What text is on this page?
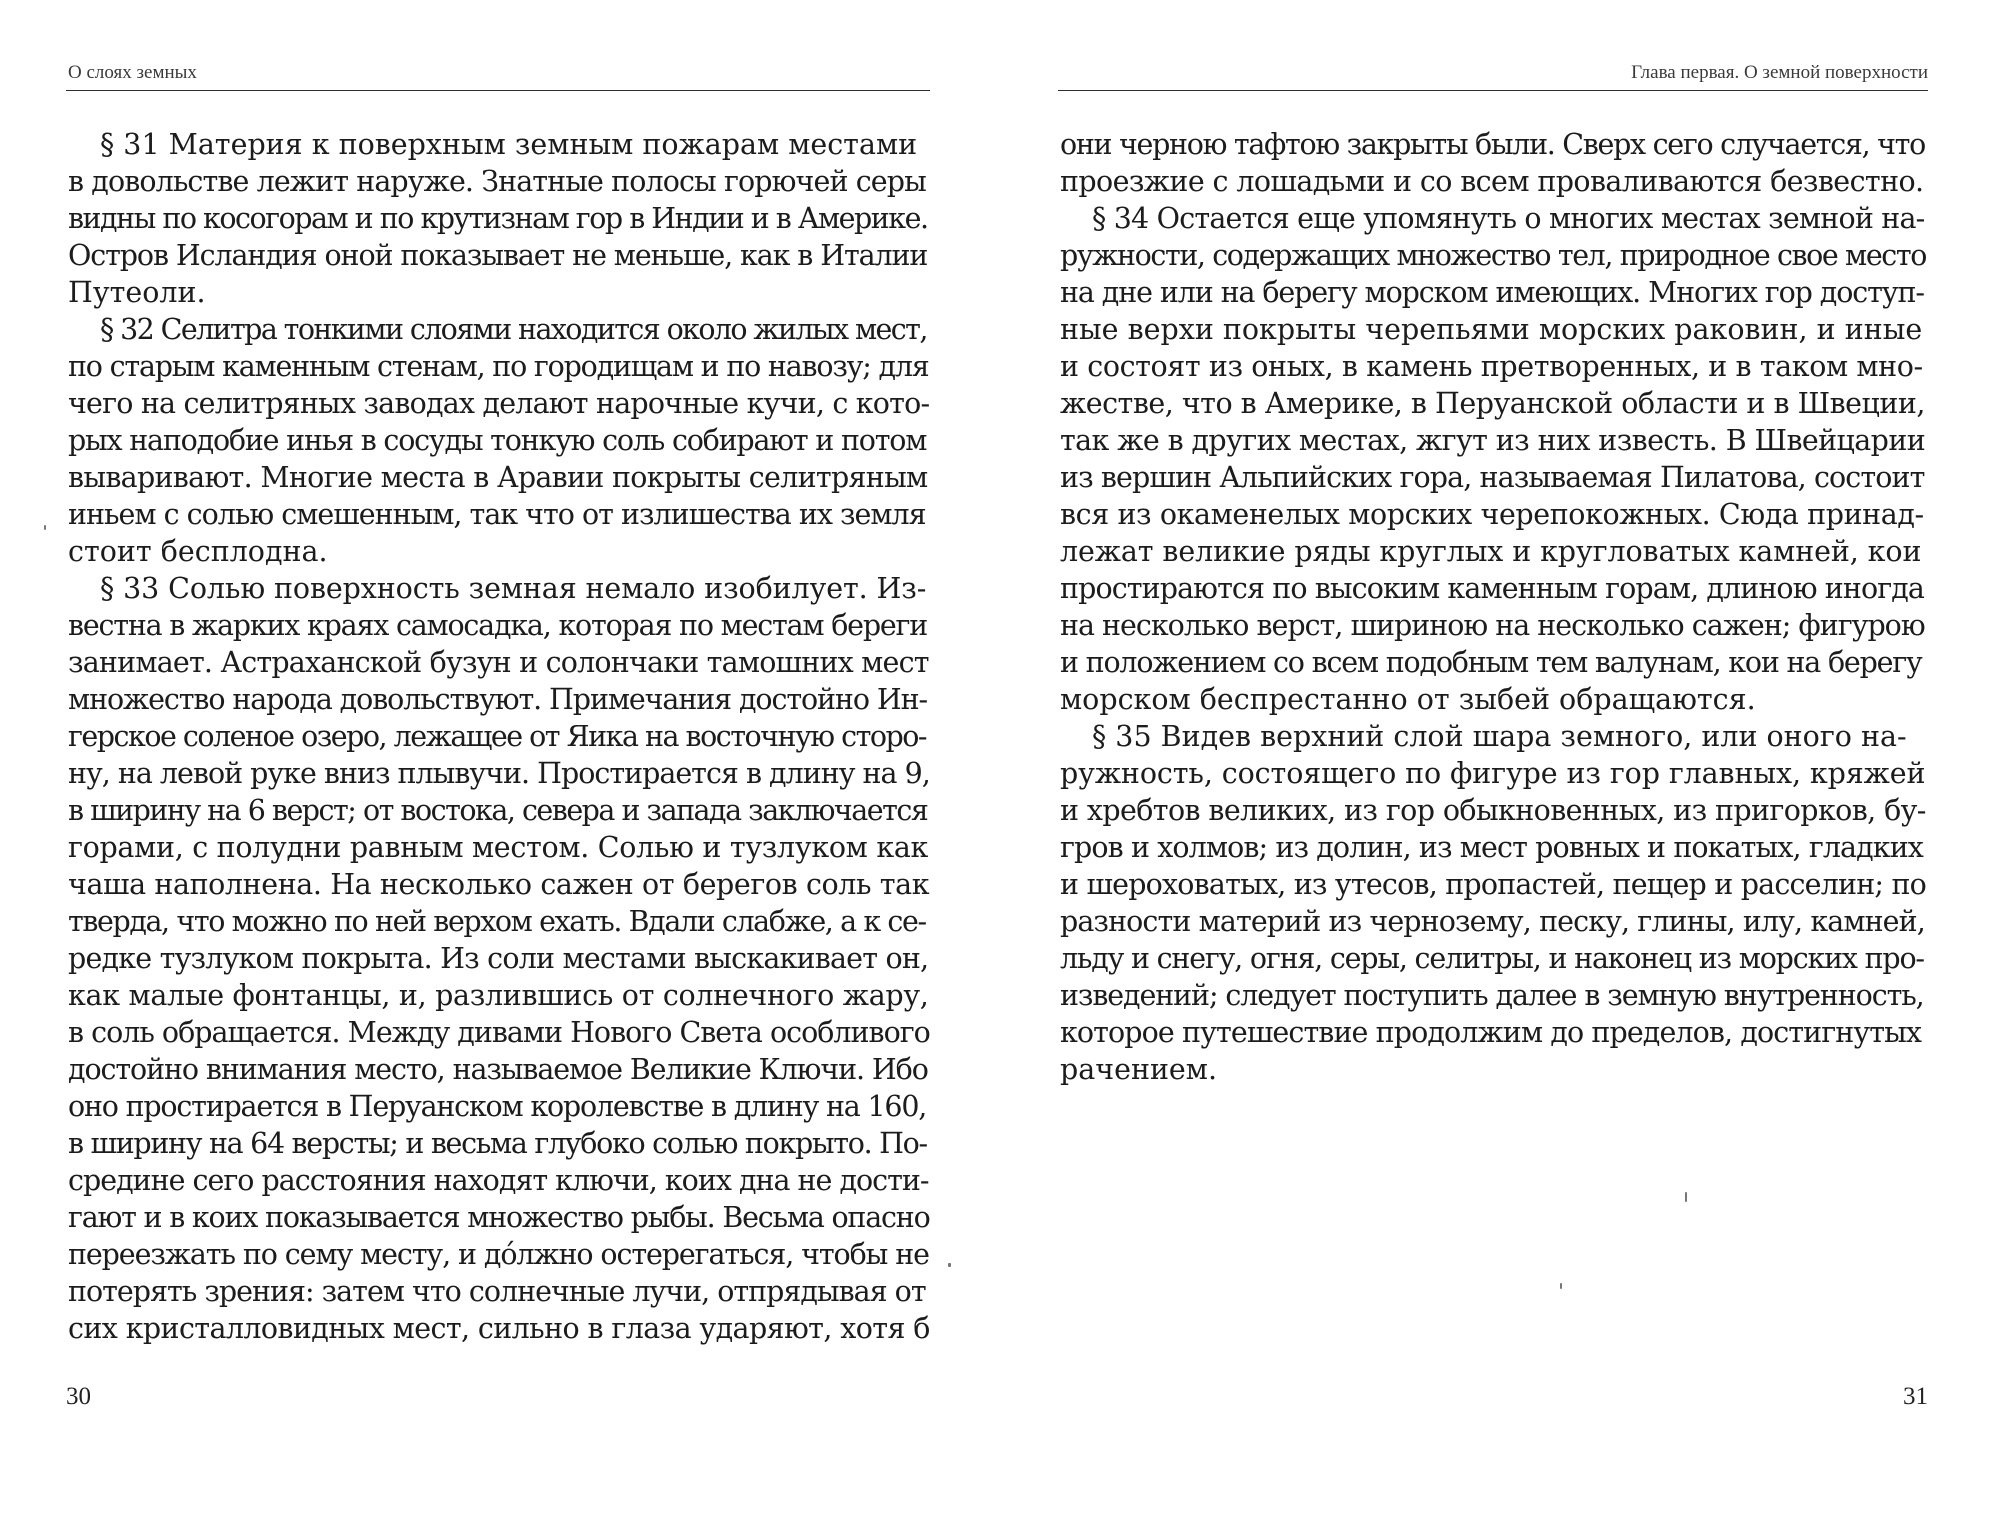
О слоях земных
§ 31 Материя к поверхным земным пожарам местами
в довольстве лежит наруже. Знатные полосы горючей серы
видны по косогорам и по крутизнам гор в Индии и в Америке.
Остров Исландия оной показывает не меньше, как в Италии
Путеоли.
§ 32 Селитра тонкими слоями находится около жилых мест,
по старым каменным стенам, по городищам и по навозу; для
чего на селитряных заводах делают нарочные кучи, с кото-
рых наподобие инья в сосуды тонкую соль собирают и потом
вываривают. Многие места в Аравии покрыты селитряным
иньем с солью смешенным, так что от излишества их земля
стоит бесплодна.
§ 33 Солью поверхность земная немало изобилует. Из-
вестна в жарких краях самосадка, которая по местам береги
занимает. Астраханской бузун и солончаки тамошних мест
множество народа довольствуют. Примечания достойно Ин-
герское соленое озеро, лежащее от Яика на восточную сторо-
ну, на левой руке вниз плывучи. Простирается в длину на 9,
в ширину на 6 верст; от востока, севера и запада заключается
горами, с полудни равным местом. Солью и тузлуком как
чаша наполнена. На несколько сажен от берегов соль так
тверда, что можно по ней верхом ехать. Вдали слабже, а к се-
редке тузлуком покрыта. Из соли местами выскакивает он,
как малые фонтанцы, и, разлившись от солнечного жару,
в соль обращается. Между дивами Нового Света особливого
достойно внимания место, называемое Великие Ключи. Ибо
оно простирается в Перуанском королевстве в длину на 160,
в ширину на 64 версты; и весьма глубоко солью покрыто. По-
средине сего расстояния находят ключи, коих дна не дости-
гают и в коих показывается множество рыбы. Весьма опасно
переезжать по сему месту, и дóлжно остерегаться, чтобы не
потерять зрения: затем что солнечные лучи, отпрядывая от
сих кристалловидных мест, сильно в глаза ударяют, хотя б
30
Глава первая. О земной поверхности
они черною тафтою закрыты были. Сверх сего случается, что
проезжие с лошадьми и со всем проваливаются безвестно.
§ 34 Остается еще упомянуть о многих местах земной на-
ружности, содержащих множество тел, природное свое место
на дне или на берегу морском имеющих. Многих гор доступ-
ные верхи покрыты черепьями морских раковин, и иные
и состоят из оных, в камень претворенных, и в таком мно-
жестве, что в Америке, в Перуанской области и в Швеции,
так же в других местах, жгут из них известь. В Швейцарии
из вершин Альпийских гора, называемая Пилатова, состоит
вся из окаменелых морских черепокожных. Сюда принад-
лежат великие ряды круглых и кругловатых камней, кои
простираются по высоким каменным горам, длиною иногда
на несколько верст, шириною на несколько сажен; фигурою
и положением со всем подобным тем валунам, кои на берегу
морском беспрестанно от зыбей обращаются.
§ 35 Видев верхний слой шара земного, или оного на-
ружность, состоящего по фигуре из гор главных, кряжей
и хребтов великих, из гор обыкновенных, из пригорков, бу-
гров и холмов; из долин, из мест ровных и покатых, гладких
и шероховатых, из утесов, пропастей, пещер и расселин; по
разности материй из чернозему, песку, глины, илу, камней,
льду и снегу, огня, серы, селитры, и наконец из морских про-
изведений; следует поступить далее в земную внутренность,
которое путешествие продолжим до пределов, достигнутых
рачением.
31
